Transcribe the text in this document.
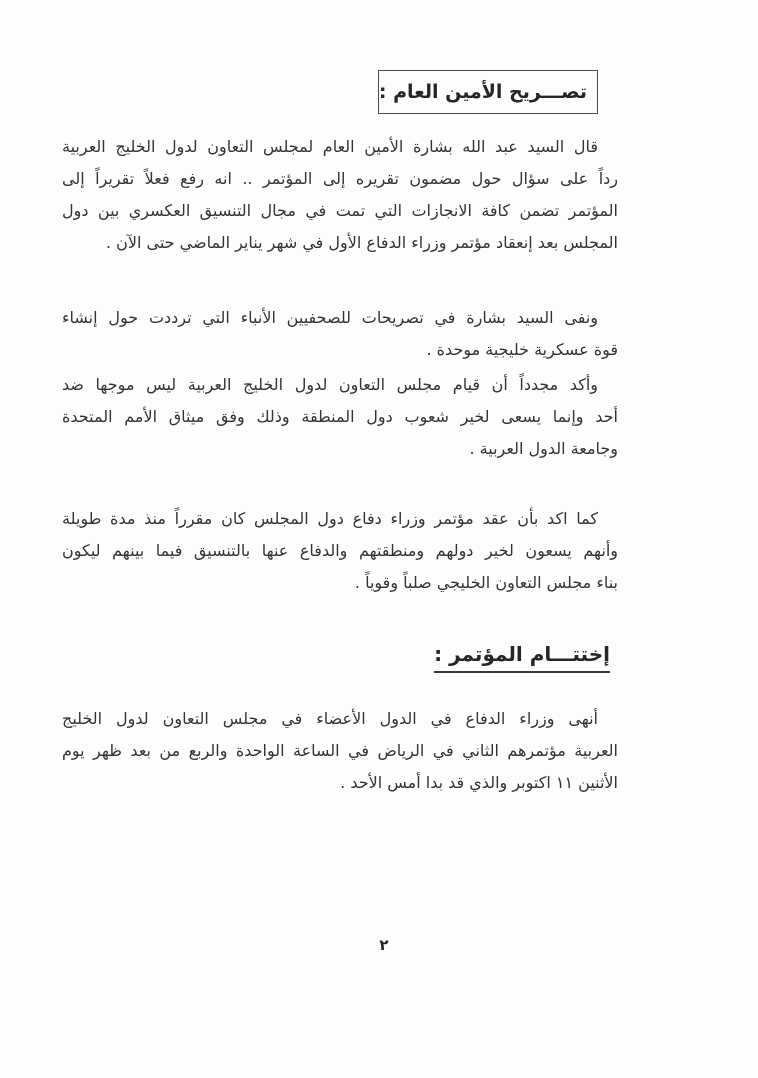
تصـــريح الأمين العام :
قال السيد عبد الله بشارة الأمين العام لمجلس التعاون لدول الخليج العربية
رداً على سؤال حول مضمون تقريره إلى المؤتمر .. انه رفع فعلاً تقريراً إلى
المؤتمر تضمن كافة الانجازات التي تمت في مجال التنسيق العكسري بين دول
المجلس بعد إنعقاد مؤتمر وزراء الدفاع الأول في شهر يناير الماضي حتى الآن .
ونفى السيد بشارة في تصريحات للصحفيين الأنباء التي ترددت حول إنشاء
قوة عسكرية خليجية موحدة .
وأكد مجدداً أن قيام مجلس التعاون لدول الخليج العربية ليس موجها ضد
أحد وإنما يسعى لخير شعوب دول المنطقة وذلك وفق ميثاق الأمم المتحدة
وجامعة الدول العربية .
كما اكد بأن عقد مؤتمر وزراء دفاع دول المجلس كان مقرراً منذ مدة طويلة
وأنهم يسعون لخير دولهم ومنطقتهم والدفاع عنها بالتنسيق فيما بينهم ليكون
بناء مجلس التعاون الخليجي صلباً وقوياً .
إختتـــام المؤتمر :
أنهى وزراء الدفاع في الدول الأعضاء في مجلس التعاون لدول الخليج
العربية مؤتمرهم الثاني في الرياض في الساعة الواحدة والربع من بعد ظهر يوم
الأثنين ١١ اكتوبر والذي قد بدا أمس الأحد .
٢
